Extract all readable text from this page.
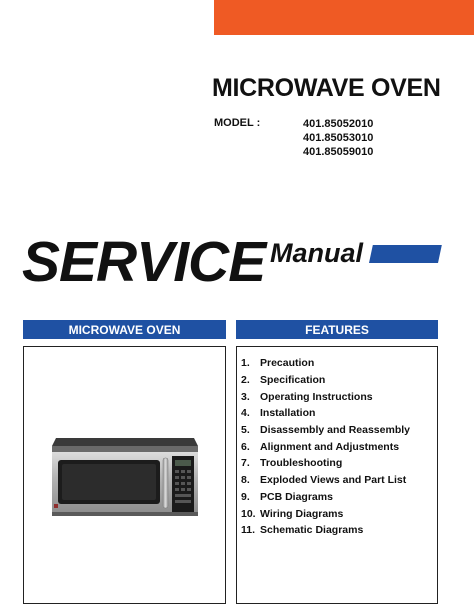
MICROWAVE OVEN
MODEL :	401.85052010
401.85053010
401.85059010
SERVICE Manual
MICROWAVE OVEN	FEATURES
1. Precaution
2. Specification
3. Operating Instructions
4. Installation
5. Disassembly and Reassembly
6. Alignment and Adjustments
7. Troubleshooting
8. Exploded Views and Part List
9. PCB Diagrams
10. Wiring Diagrams
11. Schematic Diagrams
